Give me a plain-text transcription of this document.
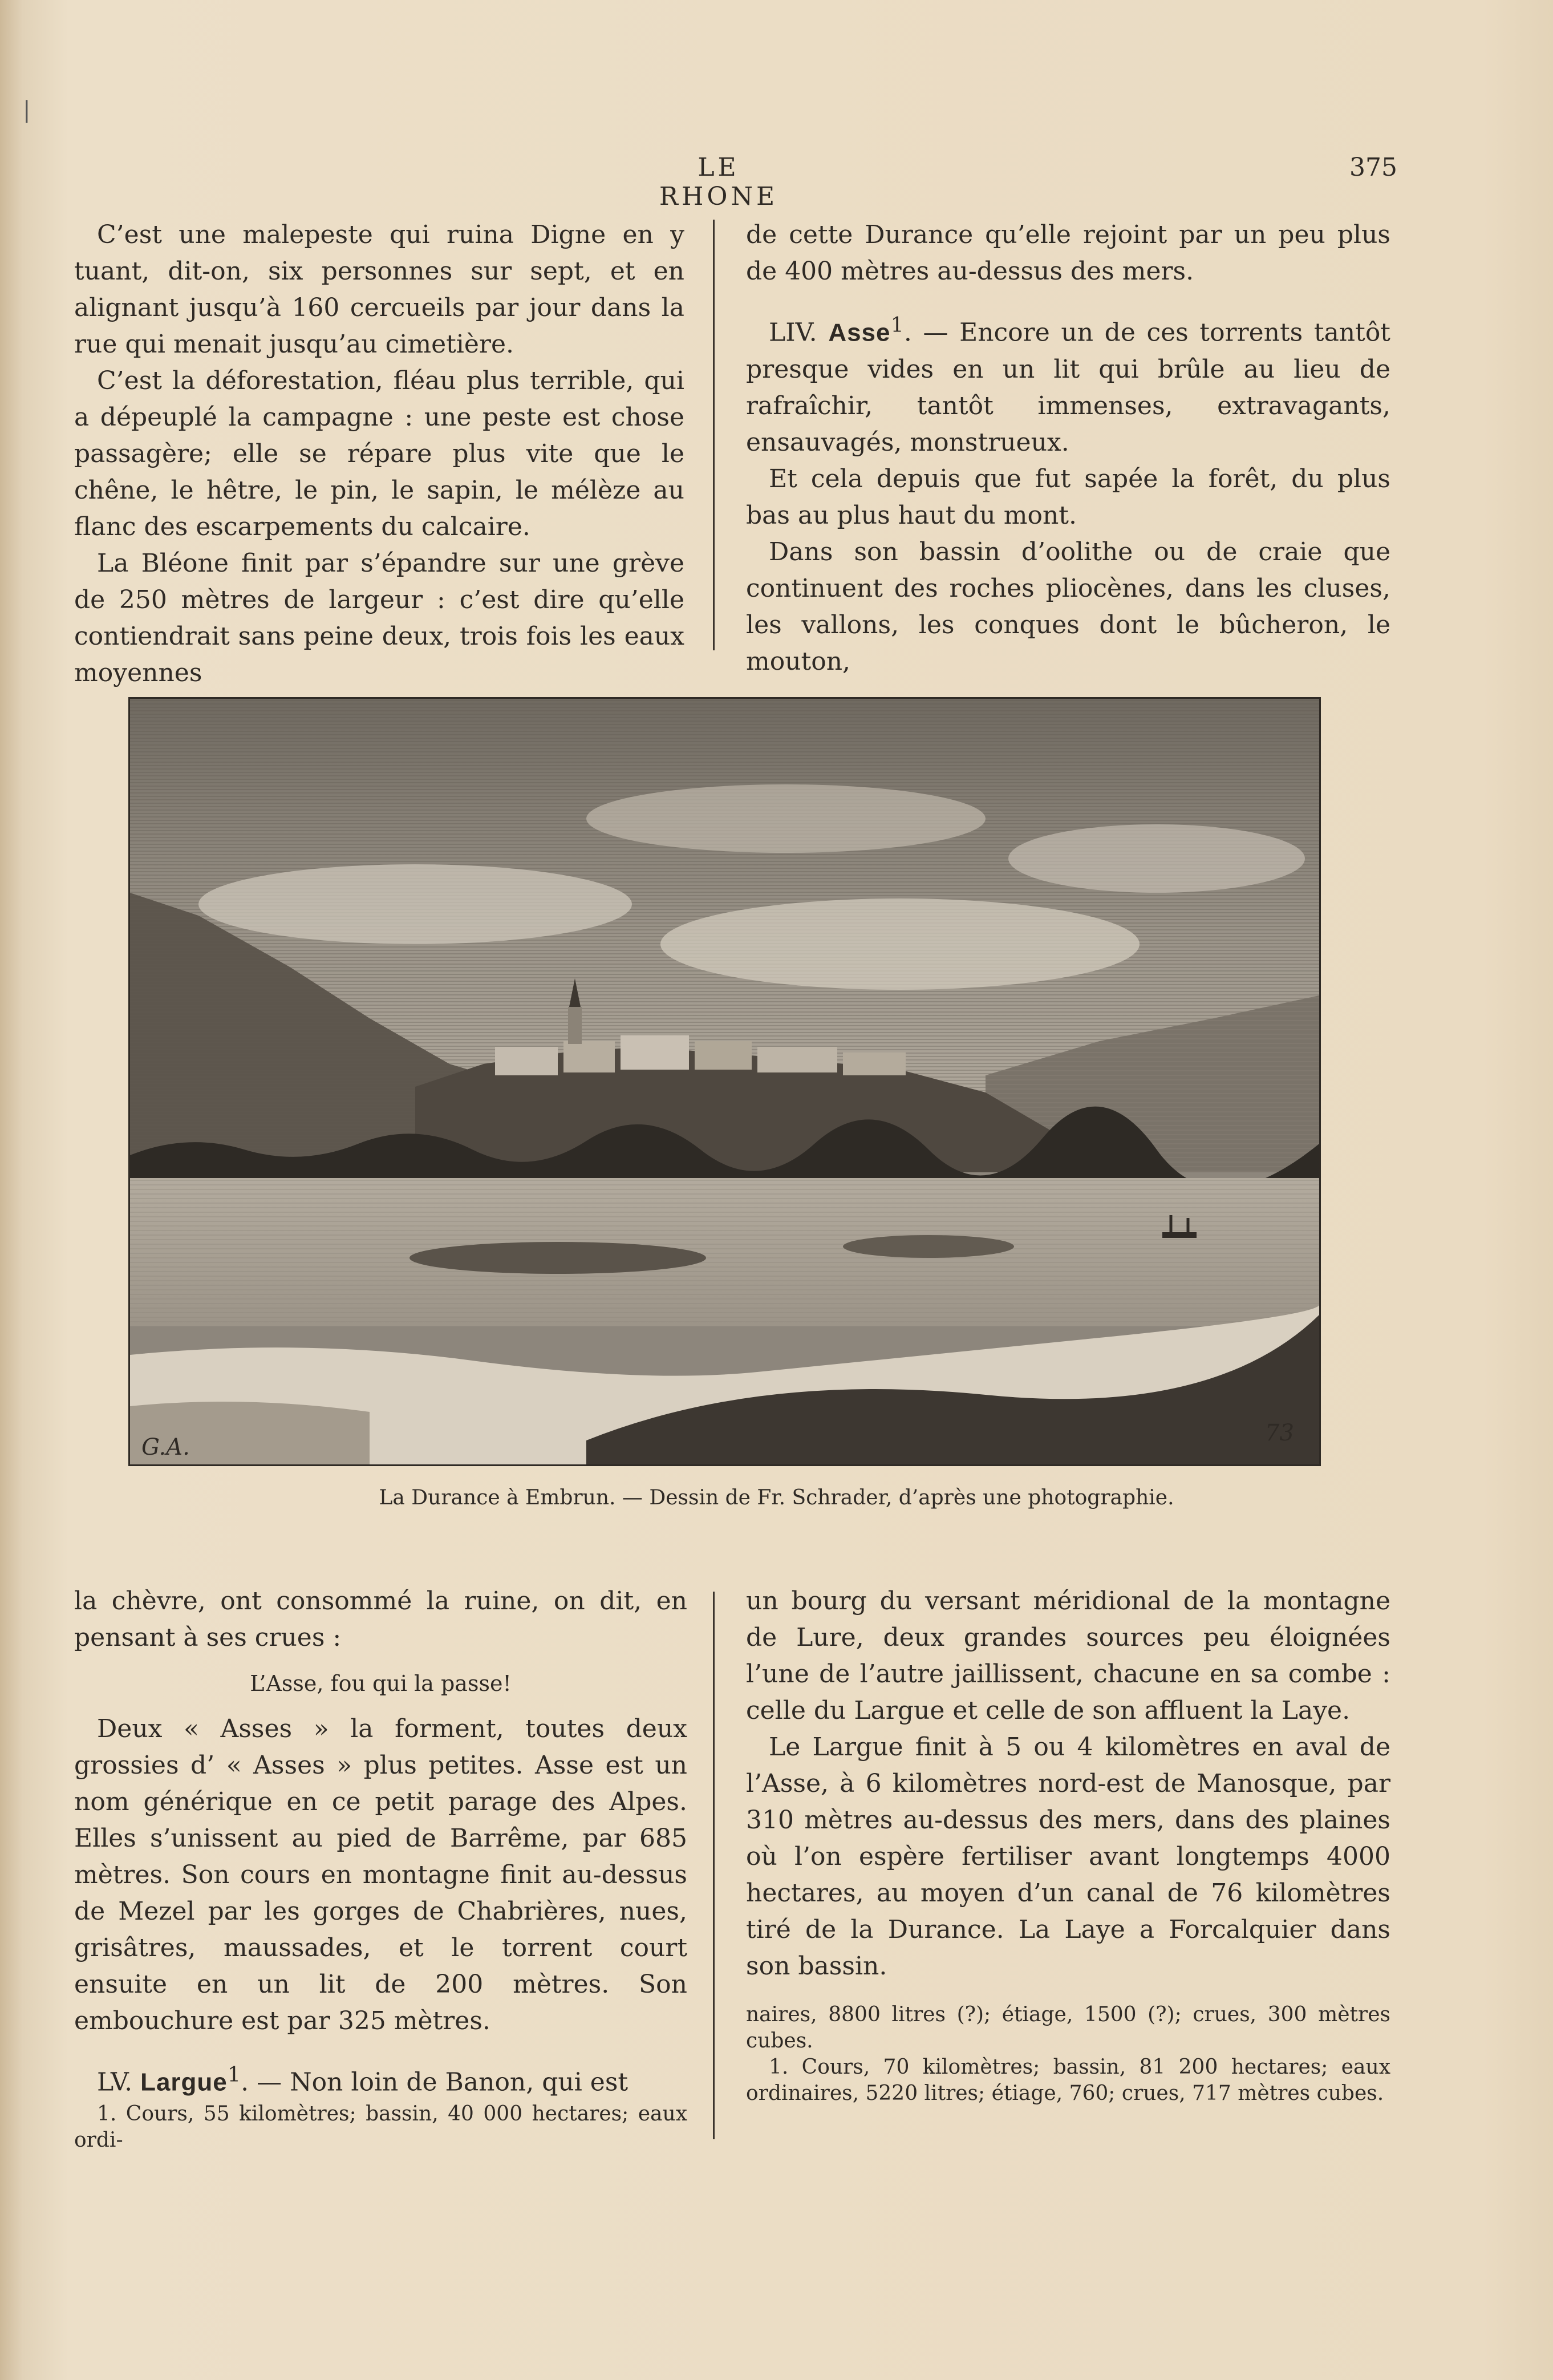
|
LE RHONE
375

C’est une malepeste qui ruina Digne en y tuant, dit-on, six personnes sur sept, et en alignant jusqu’à 160 cercueils par jour dans la rue qui menait jusqu’au cimetière.

C’est la déforestation, fléau plus terrible, qui a dépeuplé la campagne : une peste est chose passagère; elle se répare plus vite que le chêne, le hêtre, le pin, le sapin, le mélèze au flanc des escarpements du calcaire.

La Bléone finit par s’épandre sur une grève de 250 mètres de largeur : c’est dire qu’elle contiendrait sans peine deux, trois fois les eaux moyennes

de cette Durance qu’elle rejoint par un peu plus de 400 mètres au-dessus des mers.

LIV. Asse$^1$. — Encore un de ces torrents tantôt presque vides en un lit qui brûle au lieu de rafraîchir, tantôt immenses, extravagants, ensauvagés, monstrueux.

Et cela depuis que fut sapée la forêt, du plus bas au plus haut du mont.

Dans son bassin d’oolithe ou de craie que continuent des roches pliocènes, dans les cluses, les vallons, les conques dont le bûcheron, le mouton,

G.A.
73
La Durance à Embrun. — Dessin de Fr. Schrader, d’après une photographie.

la chèvre, ont consommé la ruine, on dit, en pensant à ses crues :

L’Asse, fou qui la passe!

Deux « Asses » la forment, toutes deux grossies d’ « Asses » plus petites. Asse est un nom générique en ce petit parage des Alpes. Elles s’unissent au pied de Barrême, par 685 mètres. Son cours en montagne finit au-dessus de Mezel par les gorges de Chabrières, nues, grisâtres, maussades, et le torrent court ensuite en un lit de 200 mètres. Son embouchure est par 325 mètres.

LV. Largue$^1$. — Non loin de Banon, qui est

1. Cours, 55 kilomètres; bassin, 40 000 hectares; eaux ordi-

un bourg du versant méridional de la montagne de Lure, deux grandes sources peu éloignées l’une de l’autre jaillissent, chacune en sa combe : celle du Largue et celle de son affluent la Laye.

Le Largue finit à 5 ou 4 kilomètres en aval de l’Asse, à 6 kilomètres nord-est de Manosque, par 310 mètres au-dessus des mers, dans des plaines où l’on espère fertiliser avant longtemps 4000 hectares, au moyen d’un canal de 76 kilomètres tiré de la Durance. La Laye a Forcalquier dans son bassin.

naires, 8800 litres (?); étiage, 1500 (?); crues, 300 mètres cubes.

1. Cours, 70 kilomètres; bassin, 81 200 hectares; eaux ordinaires, 5220 litres; étiage, 760; crues, 717 mètres cubes.
